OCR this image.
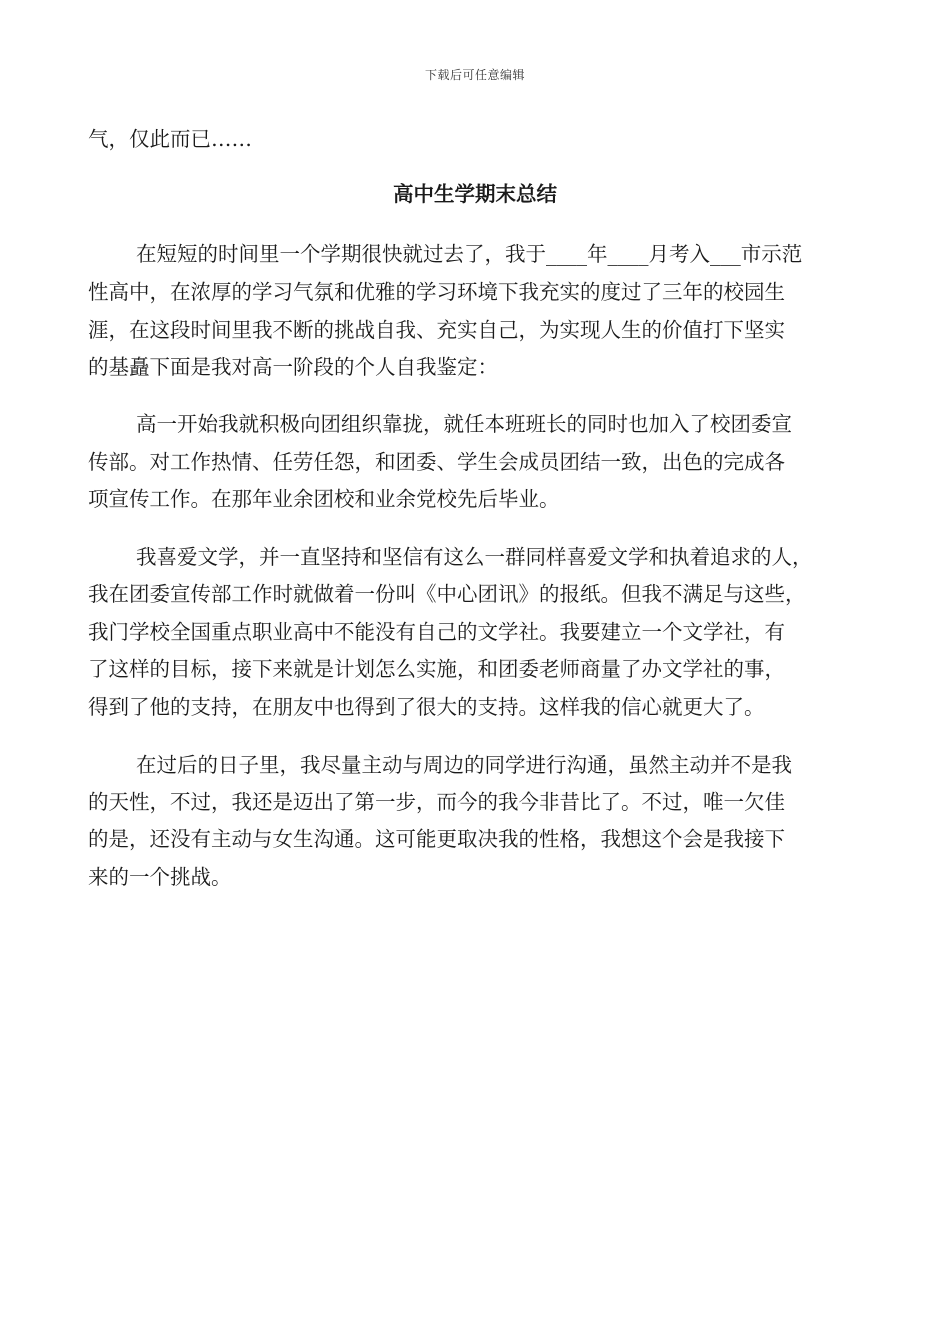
下载后可任意编辑
气，仅此而已……
高中生学期末总结
在短短的时间里一个学期很快就过去了，我于____年____月考入___市示范
性高中，在浓厚的学习气氛和优雅的学习环境下我充实的度过了三年的校园生
涯，在这段时间里我不断的挑战自我、充实自己，为实现人生的价值打下坚实
的基矗下面是我对高一阶段的个人自我鉴定：
高一开始我就积极向团组织靠拢，就任本班班长的同时也加入了校团委宣
传部。对工作热情、任劳任怨，和团委、学生会成员团结一致，出色的完成各
项宣传工作。在那年业余团校和业余党校先后毕业。
我喜爱文学，并一直坚持和坚信有这么一群同样喜爱文学和执着追求的人，
我在团委宣传部工作时就做着一份叫《中心团讯》的报纸。但我不满足与这些，
我门学校全国重点职业高中不能没有自己的文学社。我要建立一个文学社，有
了这样的目标，接下来就是计划怎么实施，和团委老师商量了办文学社的事，
得到了他的支持，在朋友中也得到了很大的支持。这样我的信心就更大了。
在过后的日子里，我尽量主动与周边的同学进行沟通，虽然主动并不是我
的天性，不过，我还是迈出了第一步，而今的我今非昔比了。不过，唯一欠佳
的是，还没有主动与女生沟通。这可能更取决我的性格，我想这个会是我接下
来的一个挑战。
